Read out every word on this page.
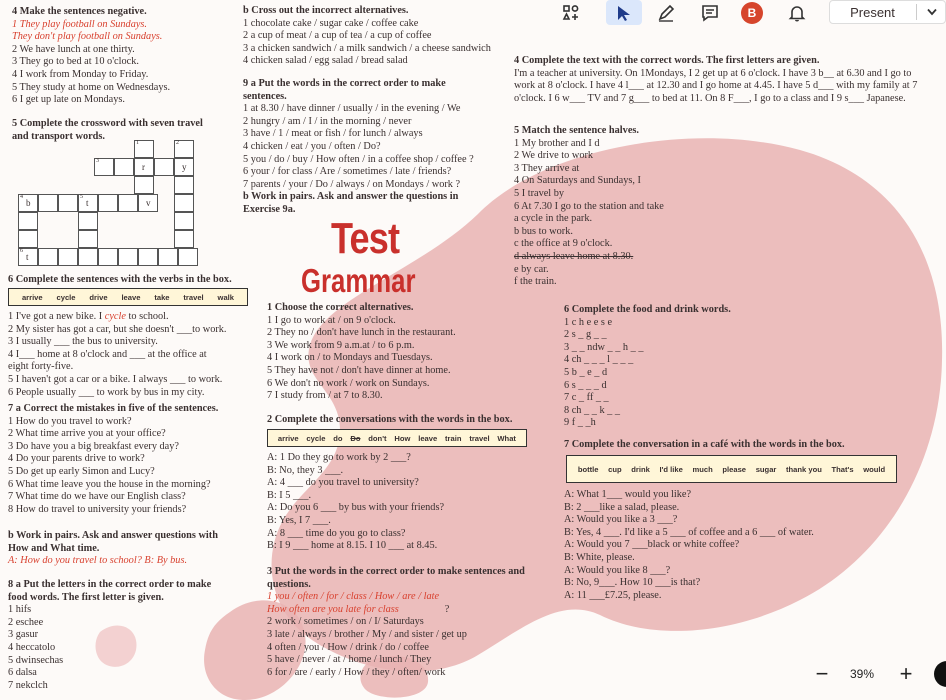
4 Make the sentences negative.
1 They play football on Sundays.
They don't play football on Sundays.
2 We have lunch at one thirty.
3 They go to bed at 10 o'clock.
4 I work from Monday to Friday.
5 They study at home on Wednesdays.
6 I get up late on Mondays.
5 Complete the crossword with seven travel
and transport words.
1	2
3
r	y
4
b
5
t	v
6
t
6 Complete the sentences with the verbs in the box.
arrive cycle drive leave take travel walk
1 I've got a new bike. I cycle to school.
2 My sister has got a car, but she doesn't ___to work.
3 I usually ___ the bus to university.
4 I___ home at 8 o'clock and ___ at the office at
eight forty-five.
5 I haven't got a car or a bike. I always ___ to work.
6 People usually ___ to work by bus in my city.
7 a Correct the mistakes in five of the sentences.
1 How do you travel to work?
2 What time arrive you at your office?
3 Do have you a big breakfast every day?
4 Do your parents drive to work?
5 Do get up early Simon and Lucy?
6 What time leave you the house in the morning?
7 What time do we have our English class?
8 How do travel to university your friends?
b Work in pairs. Ask and answer questions with
How and What time.
A: How do you travel to school? B: By bus.
8 a Put the letters in the correct order to make
food words. The first letter is given.
1 hifs
2 eschee
3 gasur
4 heccatolo
5 dwinsechas
6 dalsa
7 nekclch
b Cross out the incorrect alternatives.
1 chocolate cake / sugar cake / coffee cake
2 a cup of meat / a cup of tea / a cup of coffee
3 a chicken sandwich / a milk sandwich / a cheese sandwich
4 chicken salad / egg salad / bread salad
9 a Put the words in the correct order to make
sentences.
1 at 8.30 / have dinner / usually / in the evening / We
2 hungry / am / I / in the morning / never
3 have / 1 / meat or fish / for lunch / always
4 chicken / eat / you / often / Do?
5 you / do / buy / How often / in a coffee shop / coffee ?
6 your / for class / Are / sometimes / late / friends?
7 parents / your / Do / always / on Mondays / work ?
b Work in pairs. Ask and answer the questions in
Exercise 9a.
Test
Grammar
1 Choose the correct alternatives.
1 I go to work at / on 9 o'clock.
2 They no / don't have lunch in the restaurant.
3 We work from 9 a.m.at / to 6 p.m.
4 I work on / to Mondays and Tuesdays.
5 They have not / don't have dinner at home.
6 We don't no work / work on Sundays.
7 I study from / at 7 to 8.30.
2 Complete the conversations with the words in the box.
arrive cycle do Do don't How leave train travel What
A: 1 Do they go to work by 2 ___?
B: No, they 3 ___.
A: 4 ___ do you travel to university?
B: I 5 ___.
A: Do you 6 ___ by bus with your friends?
B: Yes, I 7 ___.
A: 8 ___ time do you go to class?
B: I 9 ___ home at 8.15. I 10 ___ at 8.45.
3 Put the words in the correct order to make sentences and
questions.
1 you / often / for / class / How / are / late
How often are you late for class	?
2 work / sometimes / on / I/ Saturdays
3 late / always / brother / My / and sister / get up
4 often / you / How / drink / do / coffee
5 have / never / at / home / lunch / They
6 for / are / early / How / they / often/ work
4 Complete the text with the correct words. The first letters are given.
I'm a teacher at university. On 1Mondays, I 2 get up at 6 o'clock. I have 3 b__ at 6.30 and I go to
work at 8 o'clock. I have 4 l___ at 12.30 and I go home at 4.45. I have 5 d___ with my family at 7
o'clock. I 6 w___ TV and 7 g___ to bed at 11. On 8 F___, I go to a class and I 9 s___ Japanese.
5 Match the sentence halves.
1 My brother and I d
2 We drive to work
3 They arrive at
4 On Saturdays and Sundays, I
5 I travel by
6 At 7.30 I go to the station and take
a cycle in the park.
b bus to work.
c the office at 9 o'clock.
d always leave home at 8.30.
e by car.
f the train.
6 Complete the food and drink words.
1 c h e e s e
2 s _ g _ _
3 _ _ ndw _ _ h _ _
4 ch _ _ _ l _ _ _
5 b _ e _ d
6 s _ _ _ d
7 c _ ff _ _
8 ch _ _ k _ _
9 f _ _h
7 Complete the conversation in a café with the words in the box.
bottle cup drink I'd like much please sugar thank you That's would
A: What 1___ would you like?
B: 2 ___like a salad, please.
A: Would you like a 3 ___?
B: Yes, 4 ___. I'd like a 5 ___ of coffee and a 6 ___ of water.
A: Would you 7 ___black or white coffee?
B: White, please.
A: Would you like 8 ___?
B: No, 9___. How 10 ___is that?
A: 11 ___£7.25, please.
B	Present
− 39% +
